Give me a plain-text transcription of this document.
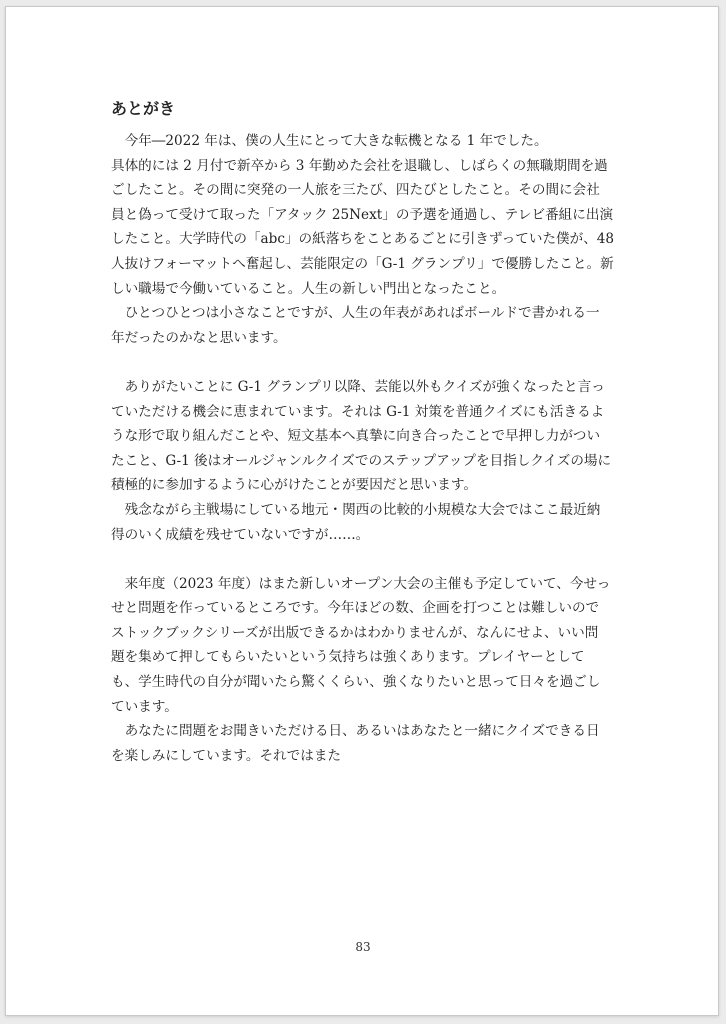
あとがき
　今年―2022 年は、僕の人生にとって大きな転機となる 1 年でした。
具体的には 2 月付で新卒から 3 年勤めた会社を退職し、しばらくの無職期間を過
ごしたこと。その間に突発の一人旅を三たび、四たびとしたこと。その間に会社
員と偽って受けて取った「アタック 25Next」の予選を通過し、テレビ番組に出演
したこと。大学時代の「abc」の紙落ちをことあるごとに引きずっていた僕が、48
人抜けフォーマットへ奮起し、芸能限定の「G-1 グランプリ」で優勝したこと。新
しい職場で今働いていること。人生の新しい門出となったこと。
　ひとつひとつは小さなことですが、人生の年表があればボールドで書かれる一
年だったのかなと思います。
　ありがたいことに G-1 グランプリ以降、芸能以外もクイズが強くなったと言っ
ていただける機会に恵まれています。それは G-1 対策を普通クイズにも活きるよ
うな形で取り組んだことや、短文基本へ真摯に向き合ったことで早押し力がつい
たこと、G-1 後はオールジャンルクイズでのステップアップを目指しクイズの場に
積極的に参加するように心がけたことが要因だと思います。
　残念ながら主戦場にしている地元・関西の比較的小規模な大会ではここ最近納
得のいく成績を残せていないですが……。
　来年度（2023 年度）はまた新しいオープン大会の主催も予定していて、今せっ
せと問題を作っているところです。今年ほどの数、企画を打つことは難しいので
ストックブックシリーズが出版できるかはわかりませんが、なんにせよ、いい問
題を集めて押してもらいたいという気持ちは強くあります。プレイヤーとして
も、学生時代の自分が聞いたら驚くくらい、強くなりたいと思って日々を過ごし
ています。
　あなたに問題をお聞きいただける日、あるいはあなたと一緒にクイズできる日
を楽しみにしています。それではまた
83
